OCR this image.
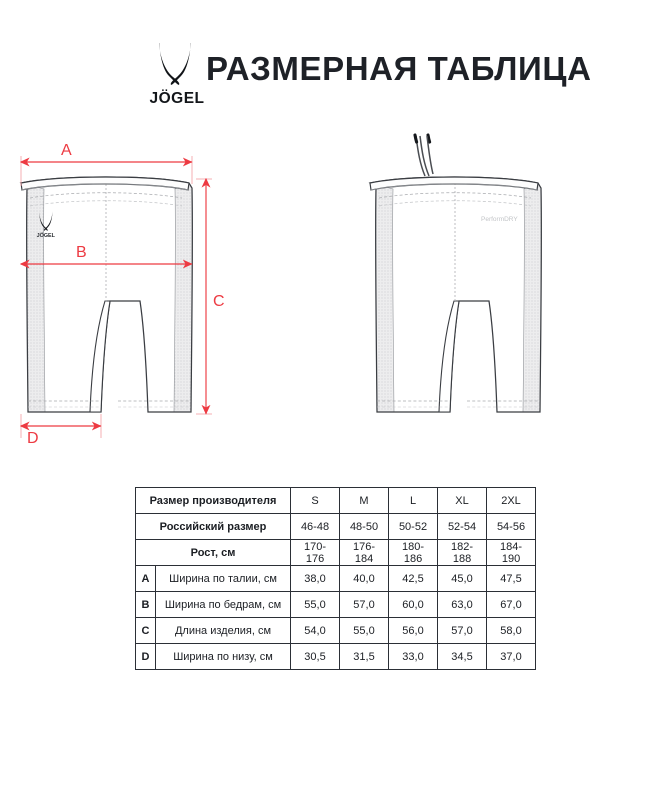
JÖGEL
РАЗМЕРНАЯ ТАБЛИЦА
JÖGEL
A
B
C
D
PerformDRY
Размер производителя		S	M	L	XL	2XL
Российский размер		46-48	48-50	50-52	52-54	54-56
Рост, см		170-176	176-184	180-186	182-188	184-190
A	Ширина по талии, см	38,0	40,0	42,5	45,0	47,5
B	Ширина по бедрам, см	55,0	57,0	60,0	63,0	67,0
C	Длина изделия, см	54,0	55,0	56,0	57,0	58,0
D	Ширина по низу, см	30,5	31,5	33,0	34,5	37,0
